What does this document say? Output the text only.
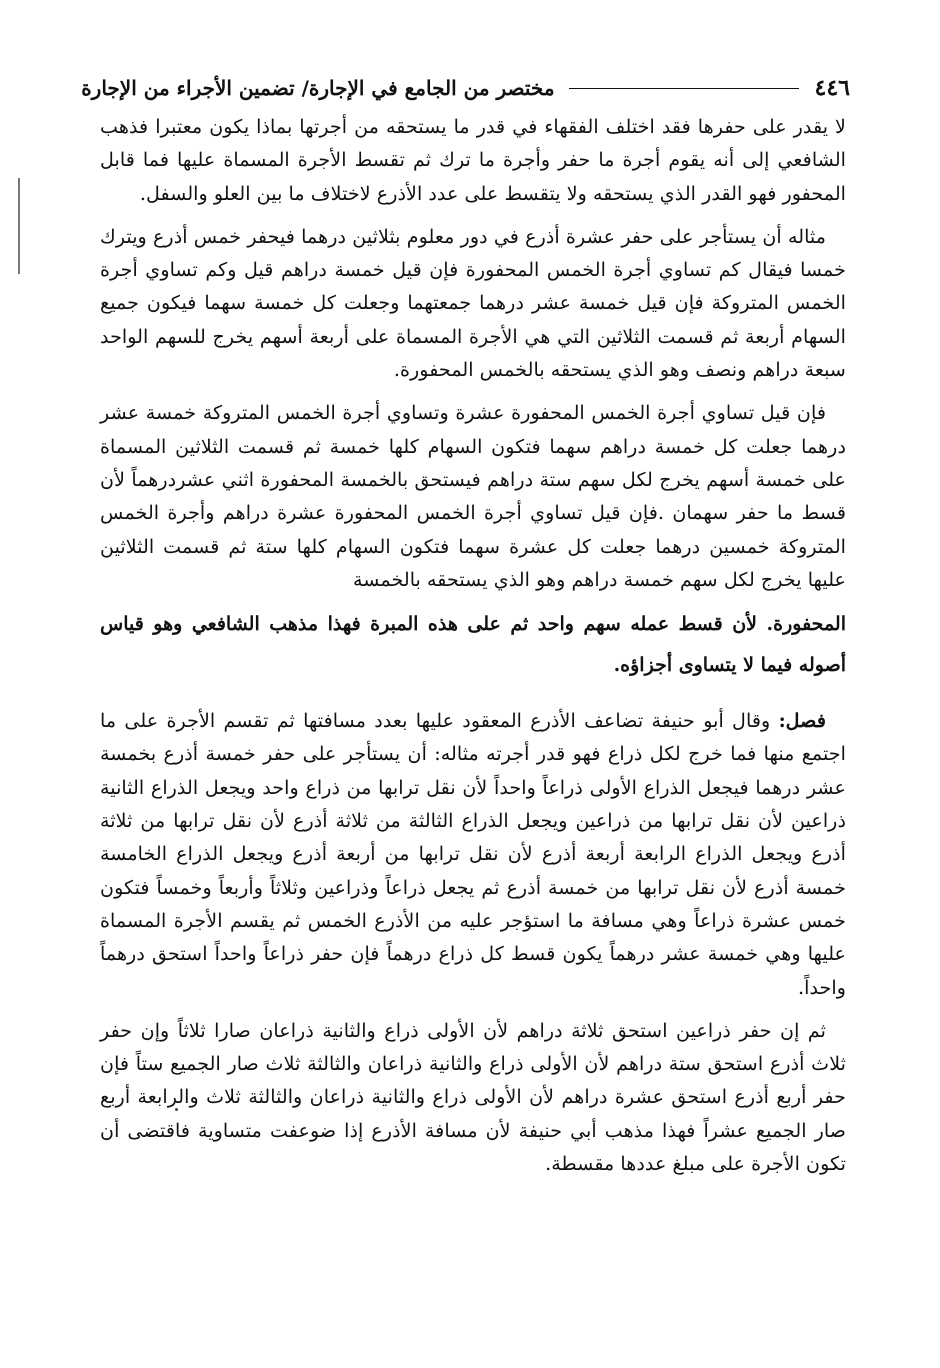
٤٤٦
مختصر من الجامع في الإجارة/ تضمين الأجراء من الإجارة

لا يقدر على حفرها فقد اختلف الفقهاء في قدر ما يستحقه من أجرتها بماذا يكون معتبرا فذهب الشافعي إلى أنه يقوم أجرة ما حفر وأجرة ما ترك ثم تقسط الأجرة المسماة عليها فما قابل المحفور فهو القدر الذي يستحقه ولا يتقسط على عدد الأذرع لاختلاف ما بين العلو والسفل.

مثاله أن يستأجر على حفر عشرة أذرع في دور معلوم بثلاثين درهما فيحفر خمس أذرع ويترك خمسا فيقال كم تساوي أجرة الخمس المحفورة فإن قيل خمسة دراهم قيل وكم تساوي أجرة الخمس المتروكة فإن قيل خمسة عشر درهما جمعتهما وجعلت كل خمسة سهما فيكون جميع السهام أربعة ثم قسمت الثلاثين التي هي الأجرة المسماة على أربعة أسهم يخرج للسهم الواحد سبعة دراهم ونصف وهو الذي يستحقه بالخمس المحفورة.

فإن قيل تساوي أجرة الخمس المحفورة عشرة وتساوي أجرة الخمس المتروكة خمسة عشر درهما جعلت كل خمسة دراهم سهما فتكون السهام كلها خمسة ثم قسمت الثلاثين المسماة على خمسة أسهم يخرج لكل سهم ستة دراهم فيستحق بالخمسة المحفورة اثني عشردرهماً لأن قسط ما حفر سهمان .فإن قيل تساوي أجرة الخمس المحفورة عشرة دراهم وأجرة الخمس المتروكة خمسين درهما جعلت كل عشرة سهما فتكون السهام كلها ستة ثم قسمت الثلاثين عليها يخرج لكل سهم خمسة دراهم وهو الذي يستحقه بالخمسة

المحفورة. لأن قسط عمله سهم واحد ثم على هذه المبرة فهذا مذهب الشافعي وهو قياس أصوله فيما لا يتساوى أجزاؤه.

فصل: وقال أبو حنيفة تضاعف الأذرع المعقود عليها بعدد مسافتها ثم تقسم الأجرة على ما اجتمع منها فما خرج لكل ذراع فهو قدر أجرته مثاله: أن يستأجر على حفر خمسة أذرع بخمسة عشر درهما فيجعل الذراع الأولى ذراعاً واحداً لأن نقل ترابها من ذراع واحد ويجعل الذراع الثانية ذراعين لأن نقل ترابها من ذراعين ويجعل الذراع الثالثة من ثلاثة أذرع لأن نقل ترابها من ثلاثة أذرع ويجعل الذراع الرابعة أربعة أذرع لأن نقل ترابها من أربعة أذرع ويجعل الذراع الخامسة خمسة أذرع لأن نقل ترابها من خمسة أذرع ثم يجعل ذراعاً وذراعين وثلاثاً وأربعاً وخمساً فتكون خمس عشرة ذراعاً وهي مسافة ما استؤجر عليه من الأذرع الخمس ثم يقسم الأجرة المسماة عليها وهي خمسة عشر درهماً يكون قسط كل ذراع درهماً فإن حفر ذراعاً واحداً استحق درهماً واحداً.

ثم إن حفر ذراعين استحق ثلاثة دراهم لأن الأولى ذراع والثانية ذراعان صارا ثلاثاً وإن حفر ثلاث أذرع استحق ستة دراهم لأن الأولى ذراع والثانية ذراعان والثالثة ثلاث صار الجميع ستاً فإن حفر أربع أذرع استحق عشرة دراهم لأن الأولى ذراع والثانية ذراعان والثالثة ثلاث والرابعة أربع صار الجميع عشراً فهذا مذهب أبي حنيفة لأن مسافة الأذرع إذا ضوعفت متساوية فاقتضى أن تكون الأجرة على مبلغ عددها مقسطة.
